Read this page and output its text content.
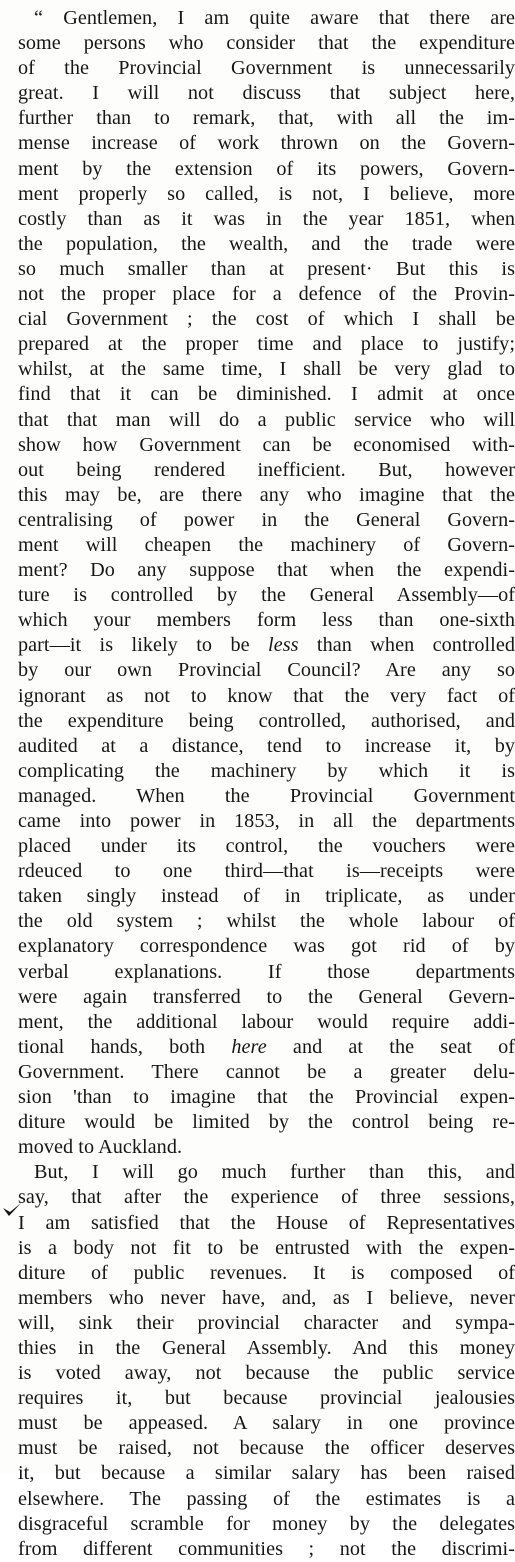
“ Gentlemen, I am quite aware that there are
some persons who consider that the expenditure
of the Provincial Government is unnecessarily
great. I will not discuss that subject here,
further than to remark, that, with all the im-
mense increase of work thrown on the Govern-
ment by the extension of its powers, Govern-
ment properly so called, is not, I believe, more
costly than as it was in the year 1851, when
the population, the wealth, and the trade were
so much smaller than at present· But this is
not the proper place for a defence of the Provin-
cial Government ; the cost of which I shall be
prepared at the proper time and place to justify;
whilst, at the same time, I shall be very glad to
find that it can be diminished. I admit at once
that that man will do a public service who will
show how Government can be economised with-
out being rendered inefficient. But, however
this may be, are there any who imagine that the
centralising of power in the General Govern-
ment will cheapen the machinery of Govern-
ment? Do any suppose that when the expendi-
ture is controlled by the General Assembly—of
which your members form less than one-sixth
part—it is likely to be less than when controlled
by our own Provincial Council? Are any so
ignorant as not to know that the very fact of
the expenditure being controlled, authorised, and
audited at a distance, tend to increase it, by
complicating the machinery by which it is
managed. When the Provincial Government
came into power in 1853, in all the departments
placed under its control, the vouchers were
rdeuced to one third—that is—receipts were
taken singly instead of in triplicate, as under
the old system ; whilst the whole labour of
explanatory correspondence was got rid of by
verbal explanations. If those departments
were again transferred to the General Gevern-
ment, the additional labour would require addi-
tional hands, both here and at the seat of
Government. There cannot be a greater delu-
sion 'than to imagine that the Provincial expen-
diture would be limited by the control being re-
moved to Auckland.
But, I will go much further than this, and
say, that after the experience of three sessions,
I am satisfied that the House of Representatives
is a body not fit to be entrusted with the expen-
diture of public revenues. It is composed of
members who never have, and, as I believe, never
will, sink their provincial character and sympa-
thies in the General Assembly. And this money
is voted away, not because the public service
requires it, but because provincial jealousies
must be appeased. A salary in one province
must be raised, not because the officer deserves
it, but because a similar salary has been raised
elsewhere. The passing of the estimates is a
disgraceful scramble for money by the delegates
from different communities ; not the discrimi-
